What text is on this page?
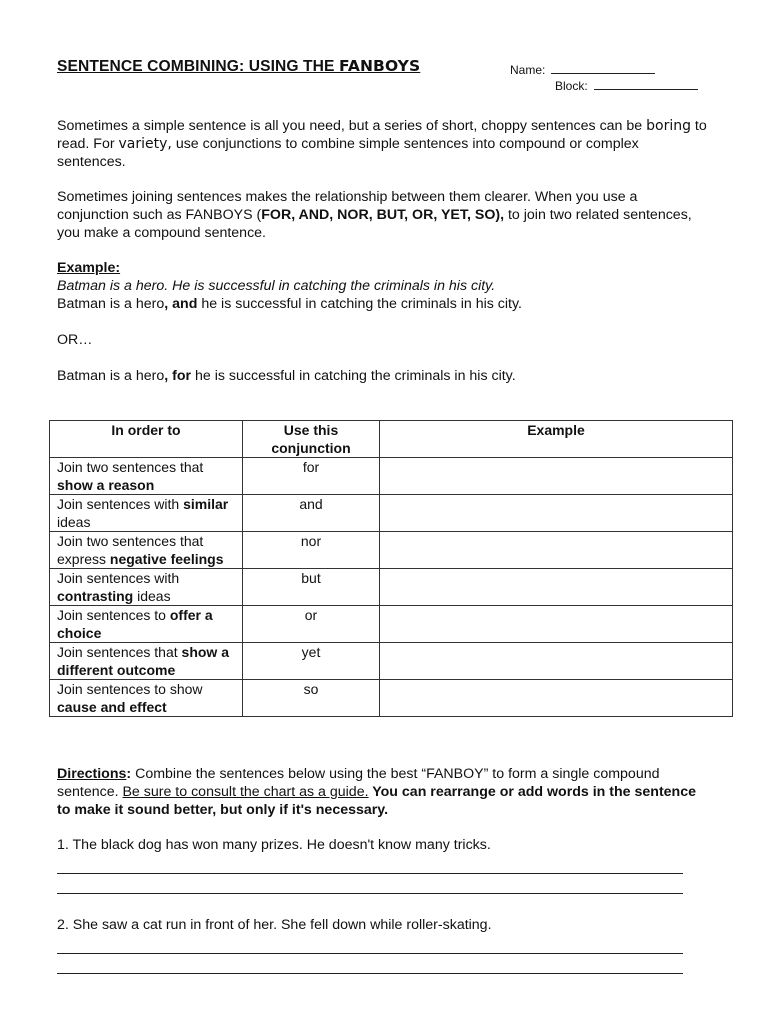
SENTENCE COMBINING: USING THE FANBOYS	Name:
Block:
Sometimes a simple sentence is all you need, but a series of short, choppy sentences can be boring to read. For variety, use conjunctions to combine simple sentences into compound or complex sentences.
Sometimes joining sentences makes the relationship between them clearer. When you use a conjunction such as FANBOYS (FOR, AND, NOR, BUT, OR, YET, SO), to join two related sentences, you make a compound sentence.
Example:
Batman is a hero. He is successful in catching the criminals in his city.
Batman is a hero, and he is successful in catching the criminals in his city.
OR…
Batman is a hero, for he is successful in catching the criminals in his city.
In order to	Use this conjunction	Example
Join two sentences that show a reason	for	
Join sentences with similar ideas	and	
Join two sentences that express negative feelings	nor	
Join sentences with contrasting ideas	but	
Join sentences to offer a choice	or	
Join sentences that show a different outcome	yet	
Join sentences to show cause and effect	so	
Directions: Combine the sentences below using the best “FANBOY” to form a single compound sentence. Be sure to consult the chart as a guide. You can rearrange or add words in the sentence to make it sound better, but only if it's necessary.
1. The black dog has won many prizes. He doesn't know many tricks.
2. She saw a cat run in front of her. She fell down while roller-skating.
